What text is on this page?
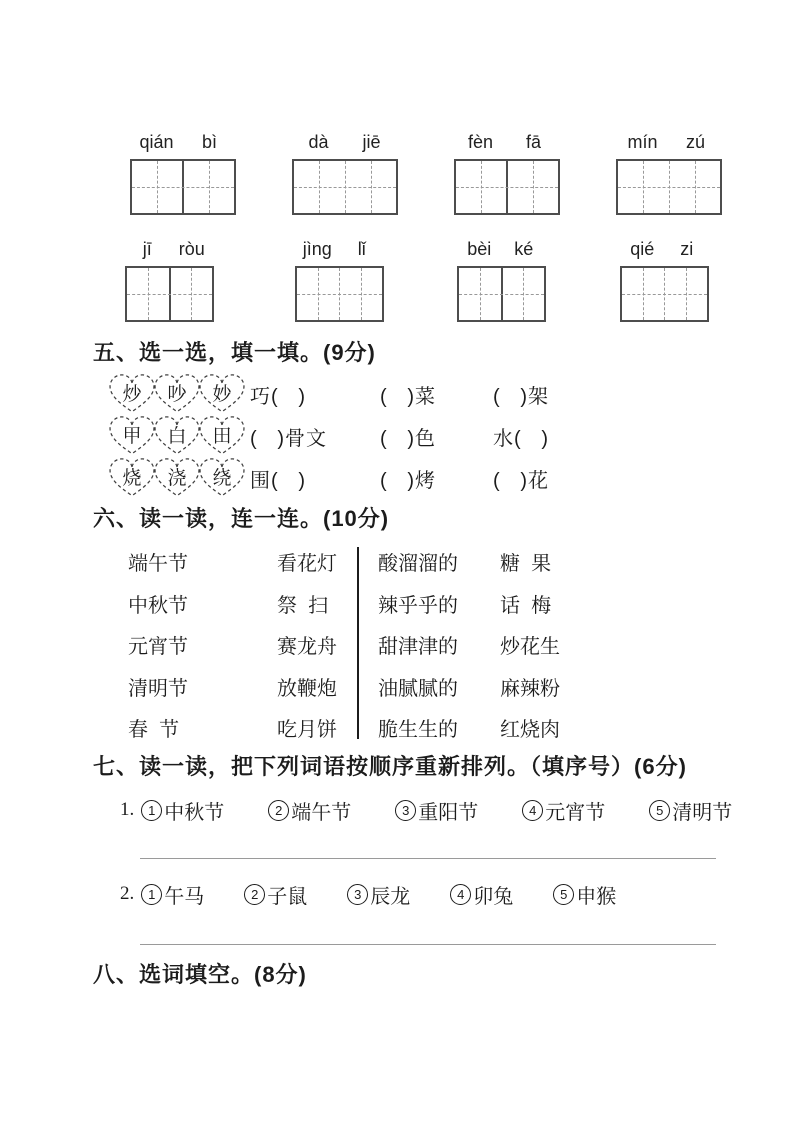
qián	bì	dà	jiē	fèn	fā	mín	zú
jī	ròu	jìng	lǐ	bèi	ké	qié	zi
五、选一选，填一填。(9分)
炒	吵	妙 巧(   )	(   )菜	(   )架
甲	白	田 (   )骨文	(   )色	水(   )
烧	浇	绕 围(   )	(   )烤	(   )花
六、读一读，连一连。(10分)
端午节	看花灯 酸溜溜的 糖  果
中秋节	祭  扫 辣乎乎的 话  梅
元宵节	赛龙舟 甜津津的 炒花生
清明节	放鞭炮 油腻腻的 麻辣粉
春  节	吃月饼 脆生生的 红烧肉
七、读一读，把下列词语按顺序重新排列。（填序号）(6分)
1.	1 中秋节	2 端午节	3 重阳节	4 元宵节	5 清明节
2.	1 午马	2 子鼠	3 辰龙	4 卯兔	5 申猴
八、选词填空。(8分)
